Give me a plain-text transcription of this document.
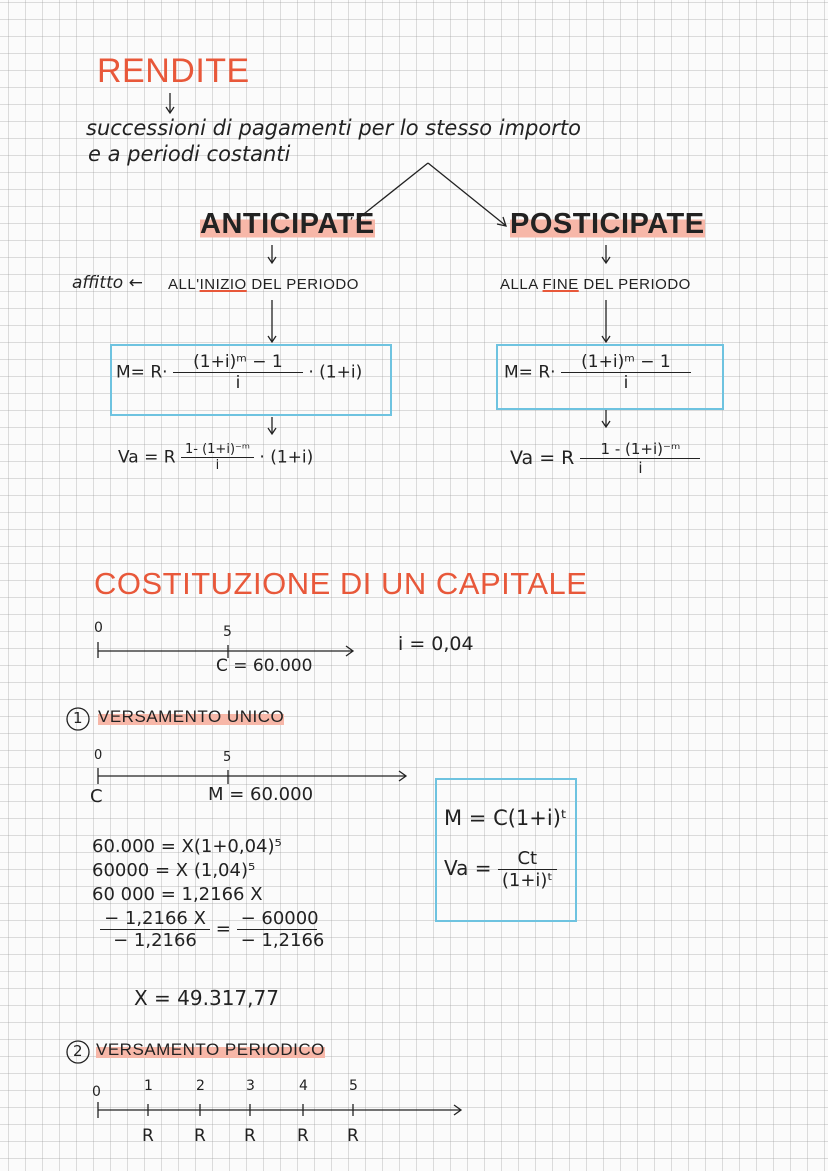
RENDITE
successioni di pagamenti per lo stesso importo
e a periodi costanti
ANTICIPATE
affitto ← ALL'INIZIO DEL PERIODO
$M= R\cdot \frac{\text{(1+i)ᵐ − 1}}{i} \cdot (1+i)$
Va = R $\frac{\text{1- (1+i)⁻ᵐ}}{i} \cdot (1+i)$
POSTICIPATE
ALLA FINE DEL PERIODO
$M= R\cdot \frac{\text{(1+i)ᵐ − 1}}{i}$
Va = R $\frac{\text{1 - (1+i)⁻ᵐ}}{i}$
COSTITUZIONE DI UN CAPITALE
0	5
C = 60.000
i = 0,04
1 VERSAMENTO UNICO
0	5
C	M = 60.000
60.000 = X(1+0,04)⁵
60000 = X (1,04)⁵
60 000 = 1,2166 X
$\frac{- 1,2166 X}{- 1,2166} = \frac{- 60000}{- 1,2166}$
X = 49.317,77
M = C(1+i)ᵗ
$Va = \frac{Ct}{\text{(1+i)ᵗ}}$
2 VERSAMENTO PERIODICO
0	1	2	3	4	5
R R R R R
